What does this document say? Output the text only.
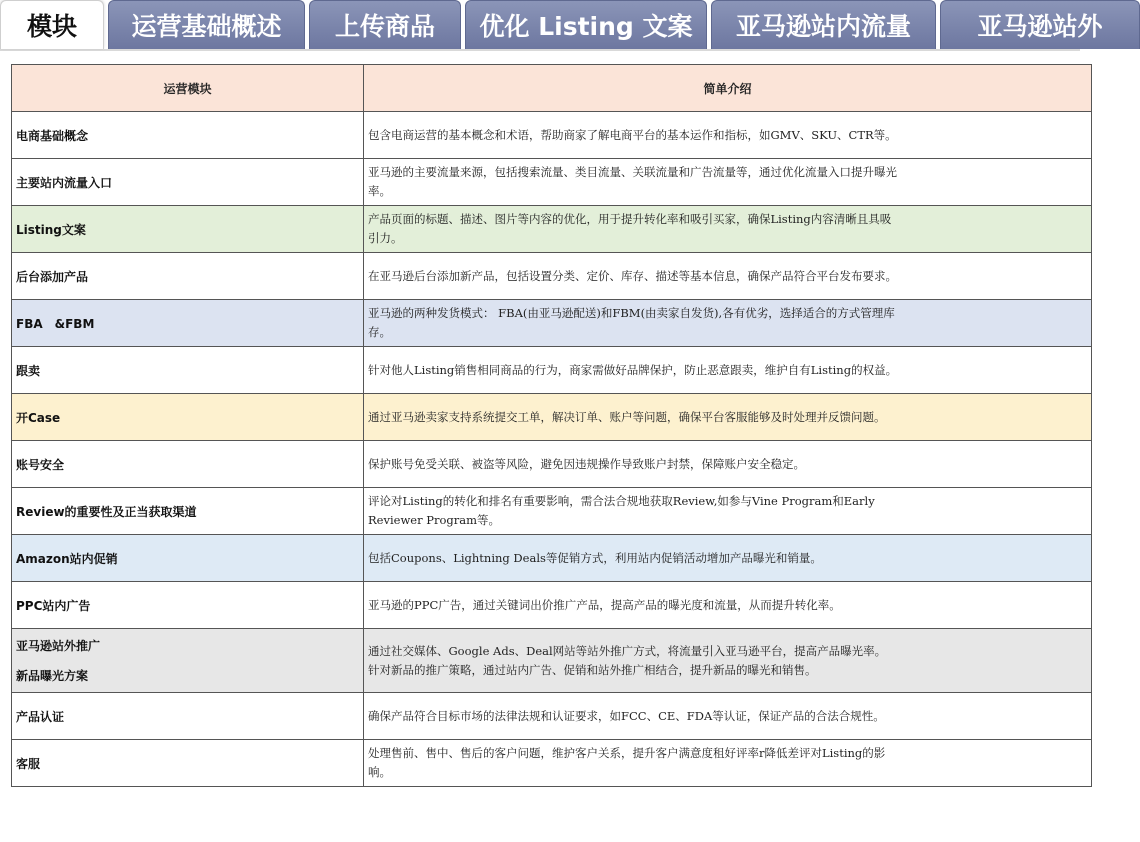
模块	运营基础概述	上传商品	优化 Listing 文案	亚马逊站内流量	亚马逊站外
运营模块	简单介绍
电商基础概念	包含电商运营的基本概念和术语，帮助商家了解电商平台的基本运作和指标，如GMV、SKU、CTR等。

主要站内流量入口	亚马逊的主要流量来源，包括搜索流量、类目流量、关联流量和广告流量等，通过优化流量入口提升曝光率。

Listing文案	产品页面的标题、描述、图片等内容的优化，用于提升转化率和吸引买家，确保Listing内容清晰且具吸引力。

后台添加产品	在亚马逊后台添加新产品，包括设置分类、定价、库存、描述等基本信息，确保产品符合平台发布要求。

FBA　&FBM	亚马逊的两种发货模式： FBA(由亚马逊配送)和FBM(由卖家自发货),各有优劣，选择适合的方式管理库存。

跟卖	针对他人Listing销售相同商品的行为，商家需做好品牌保护，防止恶意跟卖，维护自有Listing的权益。

开Case	通过亚马逊卖家支持系统提交工单，解决订单、账户等问题，确保平台客服能够及时处理并反馈问题。

账号安全	保护账号免受关联、被盗等风险，避免因违规操作导致账户封禁，保障账户安全稳定。

Review的重要性及正当获取渠道	评论对Listing的转化和排名有重要影响，需合法合规地获取Review,如参与Vine Program和Early Reviewer Program等。

Amazon站内促销	包括Coupons、Lightning Deals等促销方式，利用站内促销活动增加产品曝光和销量。

PPC站内广告	亚马逊的PPC广告，通过关键词出价推广产品，提高产品的曝光度和流量，从而提升转化率。

亚马逊站外推广
新品曝光方案	通过社交媒体、Google Ads、Deal网站等站外推广方式，将流量引入亚马逊平台，提高产品曝光率。
针对新品的推广策略，通过站内广告、促销和站外推广相结合，提升新品的曝光和销售。

产品认证	确保产品符合目标市场的法律法规和认证要求，如FCC、CE、FDA等认证，保证产品的合法合规性。

客服	处理售前、售中、售后的客户问题，维护客户关系，提升客户满意度租好评率r降低差评对Listing的影响。
